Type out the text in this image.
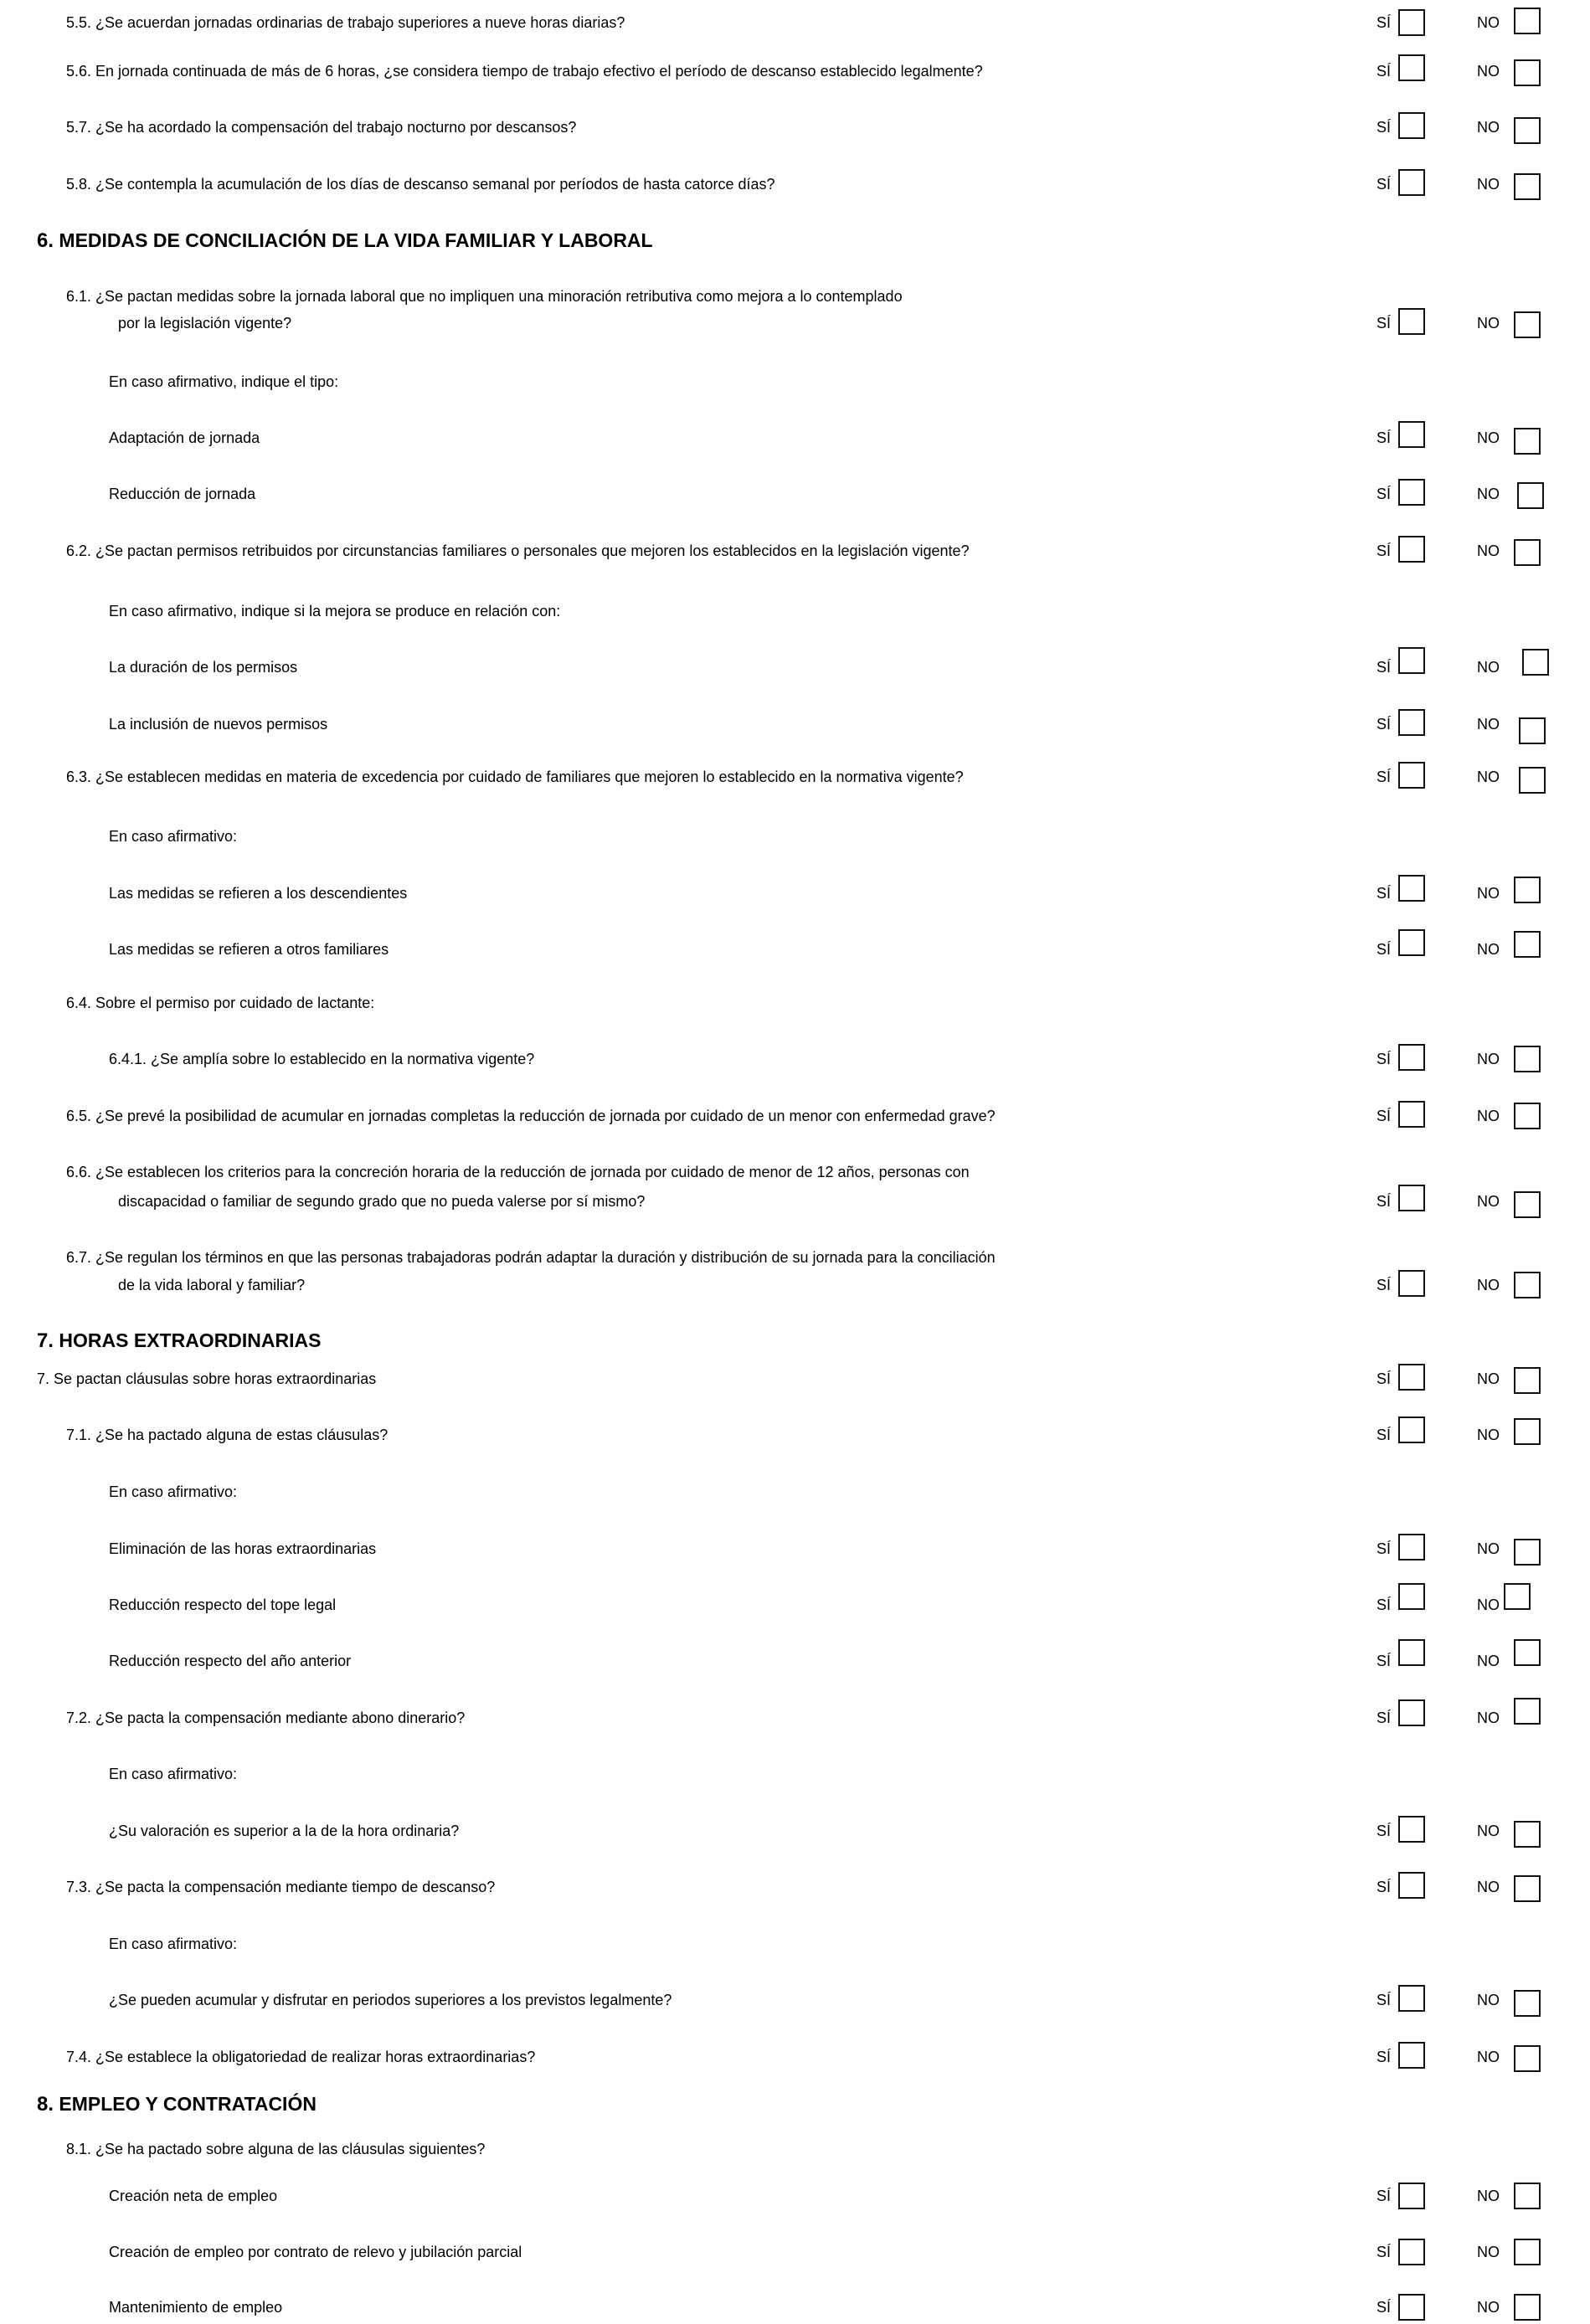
5.5. ¿Se acuerdan jornadas ordinarias de trabajo superiores a nueve horas diarias?	SÍ	NO
5.6. En jornada continuada de más de 6 horas, ¿se considera tiempo de trabajo efectivo el período de descanso establecido legalmente?	SÍ	NO
5.7. ¿Se ha acordado la compensación del trabajo nocturno por descansos?	SÍ	NO
5.8. ¿Se contempla la acumulación de los días de descanso semanal por períodos de hasta catorce días?	SÍ	NO
6. MEDIDAS DE CONCILIACIÓN DE LA VIDA FAMILIAR Y LABORAL
6.1. ¿Se pactan medidas sobre la jornada laboral que no impliquen una minoración retributiva como mejora a lo contemplado
por la legislación vigente?	SÍ	NO
En caso afirmativo, indique el tipo:
Adaptación de jornada	SÍ	NO
Reducción de jornada	SÍ	NO
6.2. ¿Se pactan permisos retribuidos por circunstancias familiares o personales que mejoren los establecidos en la legislación vigente?	SÍ	NO
En caso afirmativo, indique si la mejora se produce en relación con:
La duración de los permisos	SÍ	NO
La inclusión de nuevos permisos	SÍ	NO
6.3. ¿Se establecen medidas en materia de excedencia por cuidado de familiares que mejoren lo establecido en la normativa vigente?	SÍ	NO
En caso afirmativo:
Las medidas se refieren a los descendientes	SÍ	NO
Las medidas se refieren a otros familiares	SÍ	NO
6.4. Sobre el permiso por cuidado de lactante:
6.4.1. ¿Se amplía sobre lo establecido en la normativa vigente?	SÍ	NO
6.5. ¿Se prevé la posibilidad de acumular en jornadas completas la reducción de jornada por cuidado de un menor con enfermedad grave?	SÍ	NO
6.6. ¿Se establecen los criterios para la concreción horaria de la reducción de jornada por cuidado de menor de 12 años, personas con
discapacidad o familiar de segundo grado que no pueda valerse por sí mismo?	SÍ	NO
6.7. ¿Se regulan los términos en que las personas trabajadoras podrán adaptar la duración y distribución de su jornada para la conciliación
de la vida laboral y familiar?	SÍ	NO
7. HORAS EXTRAORDINARIAS
7. Se pactan cláusulas sobre horas extraordinarias	SÍ	NO
7.1. ¿Se ha pactado alguna de estas cláusulas?	SÍ	NO
En caso afirmativo:
Eliminación de las horas extraordinarias	SÍ	NO
Reducción respecto del tope legal	SÍ	NO
Reducción respecto del año anterior	SÍ	NO
7.2. ¿Se pacta la compensación mediante abono dinerario?	SÍ	NO
En caso afirmativo:
¿Su valoración es superior a la de la hora ordinaria?	SÍ	NO
7.3. ¿Se pacta la compensación mediante tiempo de descanso?	SÍ	NO
En caso afirmativo:
¿Se pueden acumular y disfrutar en periodos superiores a los previstos legalmente?	SÍ	NO
7.4. ¿Se establece la obligatoriedad de realizar horas extraordinarias?	SÍ	NO
8. EMPLEO Y CONTRATACIÓN
8.1. ¿Se ha pactado sobre alguna de las cláusulas siguientes?
Creación neta de empleo	SÍ	NO
Creación de empleo por contrato de relevo y jubilación parcial	SÍ	NO
Mantenimiento de empleo	SÍ	NO
